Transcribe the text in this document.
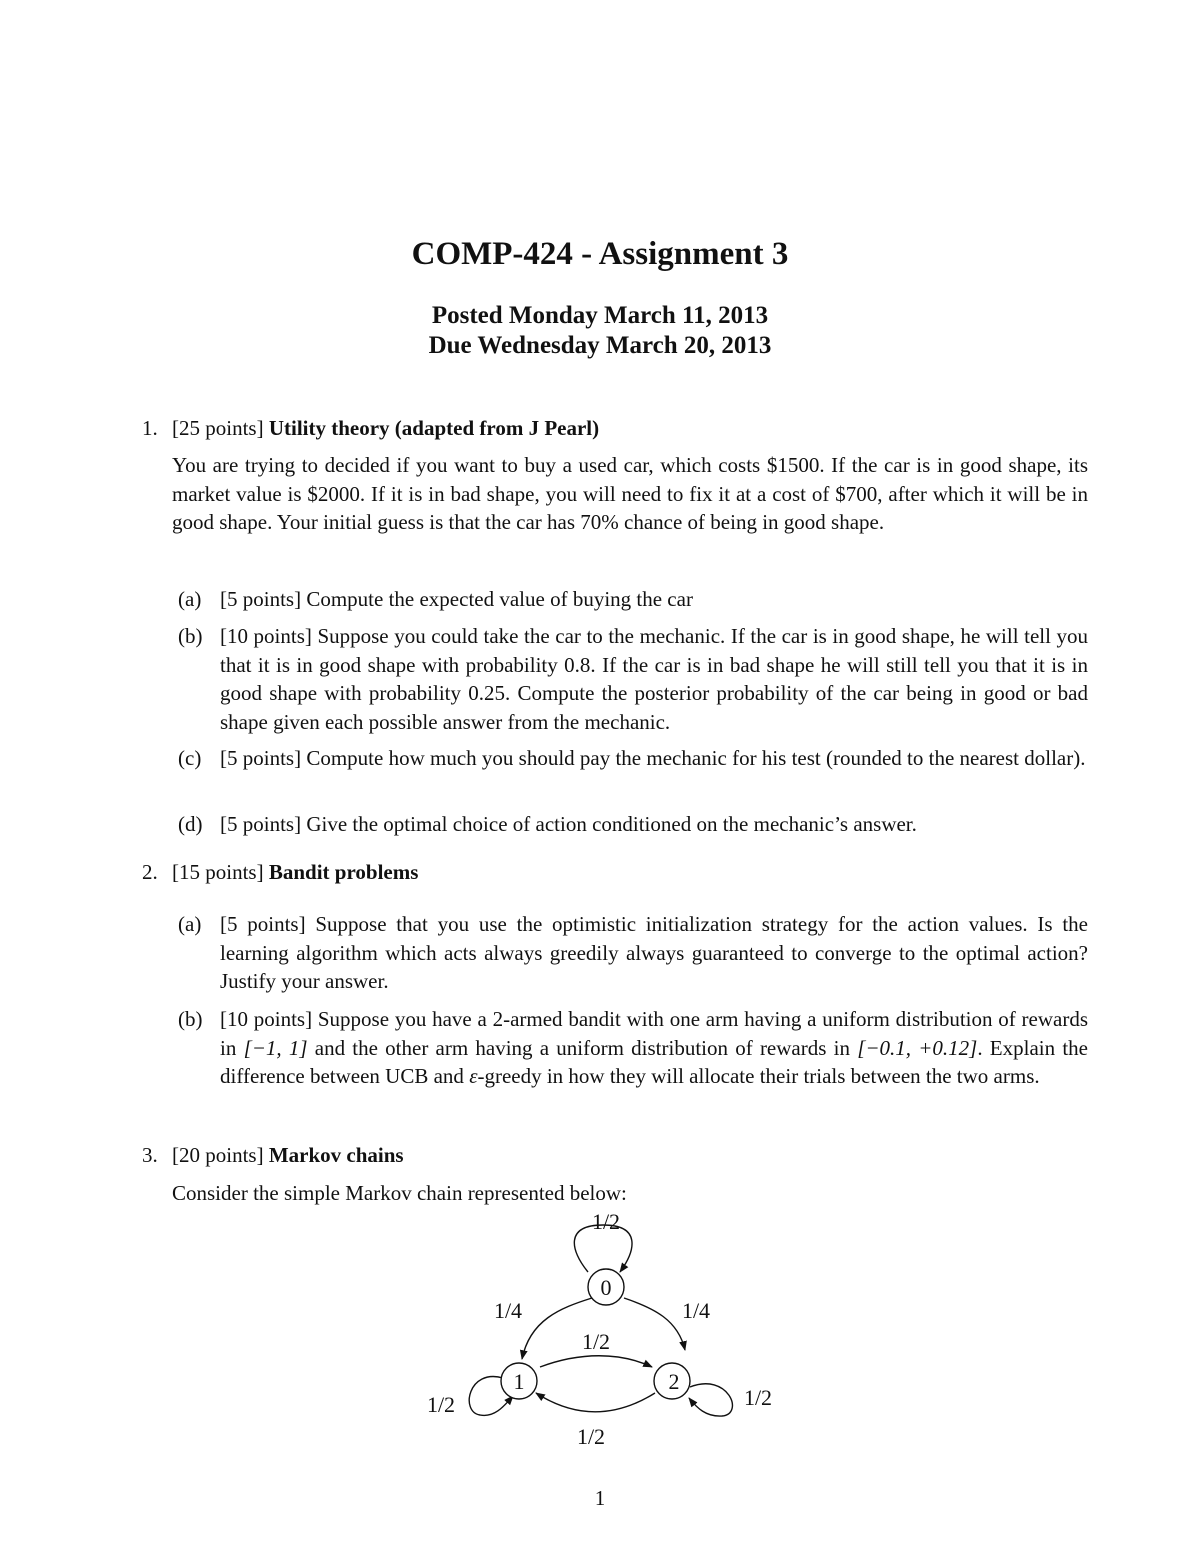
COMP-424 - Assignment 3

Posted Monday March 11, 2013

Due Wednesday March 20, 2013

1. [25 points] Utility theory (adapted from J Pearl)

You are trying to decided if you want to buy a used car, which costs $1500. If the car is in good shape, its market value is $2000. If it is in bad shape, you will need to fix it at a cost of $700, after which it will be in good shape. Your initial guess is that the car has 70% chance of being in good shape.

(a) [5 points] Compute the expected value of buying the car
(b) [10 points] Suppose you could take the car to the mechanic. If the car is in good shape, he will tell you that it is in good shape with probability 0.8. If the car is in bad shape he will still tell you that it is in good shape with probability 0.25. Compute the posterior probability of the car being in good or bad shape given each possible answer from the mechanic.
(c) [5 points] Compute how much you should pay the mechanic for his test (rounded to the nearest dollar).
(d) [5 points] Give the optimal choice of action conditioned on the mechanic’s answer.
2. [15 points] Bandit problems
(a) [5 points] Suppose that you use the optimistic initialization strategy for the action values. Is the learning algorithm which acts always greedily always guaranteed to converge to the optimal action? Justify your answer.
(b) [10 points] Suppose you have a 2-armed bandit with one arm having a uniform distribution of rewards in [−1, 1] and the other arm having a uniform distribution of rewards in [−0.1, +0.12]. Explain the difference between UCB and ε-greedy in how they will allocate their trials between the two arms.
3. [20 points] Markov chains

Consider the simple Markov chain represented below:

0
1	2
1/2
1/4	1/4
1/2
1/2
1/2	1/2
1
